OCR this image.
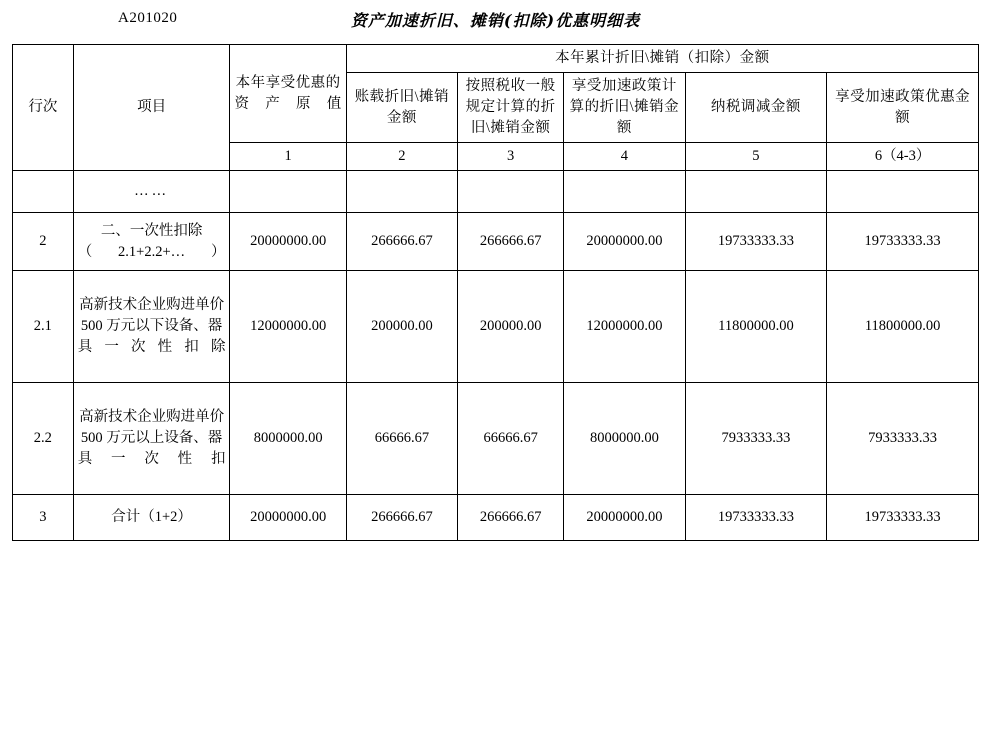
A201020	资产加速折旧、摊销(扣除)优惠明细表
行次	项目	本年享受优惠的资产原值	本年累计折旧\摊销（扣除）金额				
			账载折旧\摊销金额	按照税收一般规定计算的折旧\摊销金额	享受加速政策计算的折旧\摊销金额	纳税调减金额	享受加速政策优惠金额
		1	2	3	4	5	6（4-3）
	……						
2	二、一次性扣除（2.1+2.2+…）	20000000.00	266666.67	266666.67	20000000.00	19733333.33	19733333.33
2.1	高新技术企业购进单价 500 万元以下设备、器具一次性扣除	12000000.00	200000.00	200000.00	12000000.00	11800000.00	11800000.00
2.2	高新技术企业购进单价 500 万元以上设备、器具一次性扣	8000000.00	66666.67	66666.67	8000000.00	7933333.33	7933333.33
3	合计（1+2）	20000000.00	266666.67	266666.67	20000000.00	19733333.33	19733333.33
